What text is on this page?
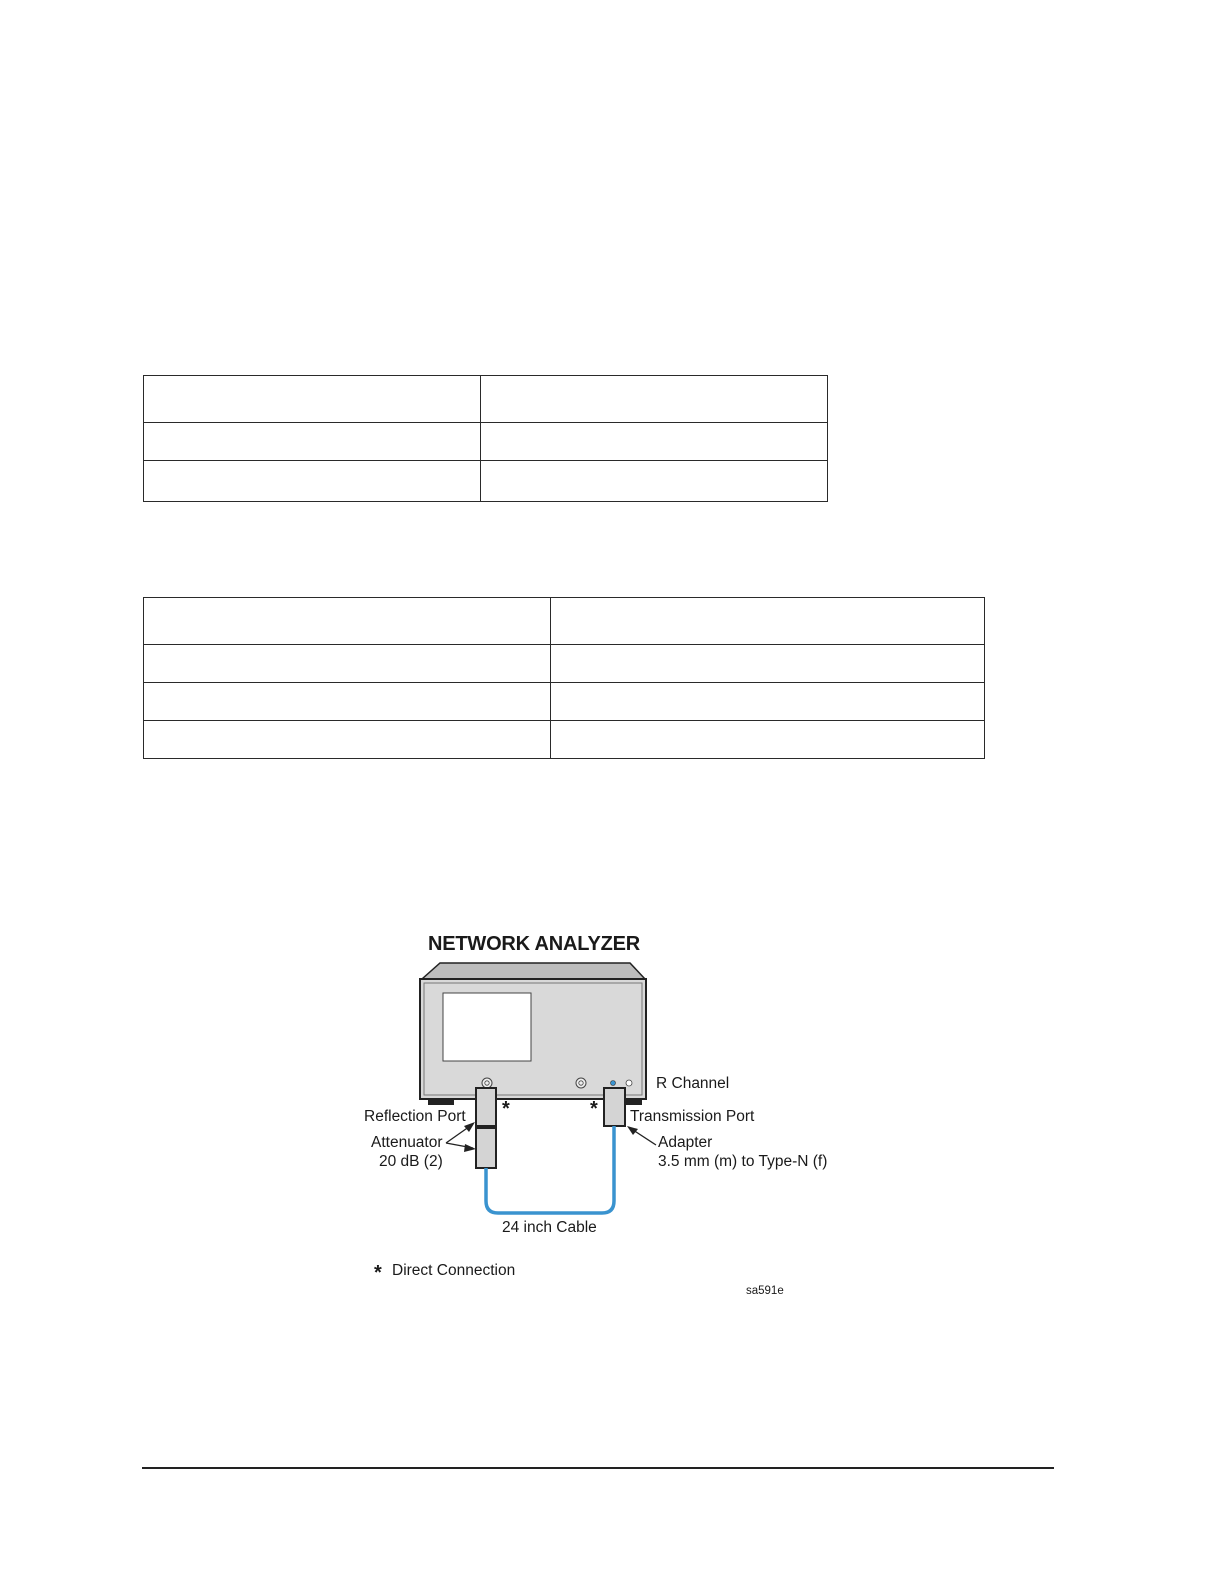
NETWORK ANALYZER
R Channel
Reflection Port	Transmission Port
Attenuator
20 dB (2)
Adapter
3.5 mm (m) to Type-N (f)
24 inch Cable
*	*
* Direct Connection
sa591e
